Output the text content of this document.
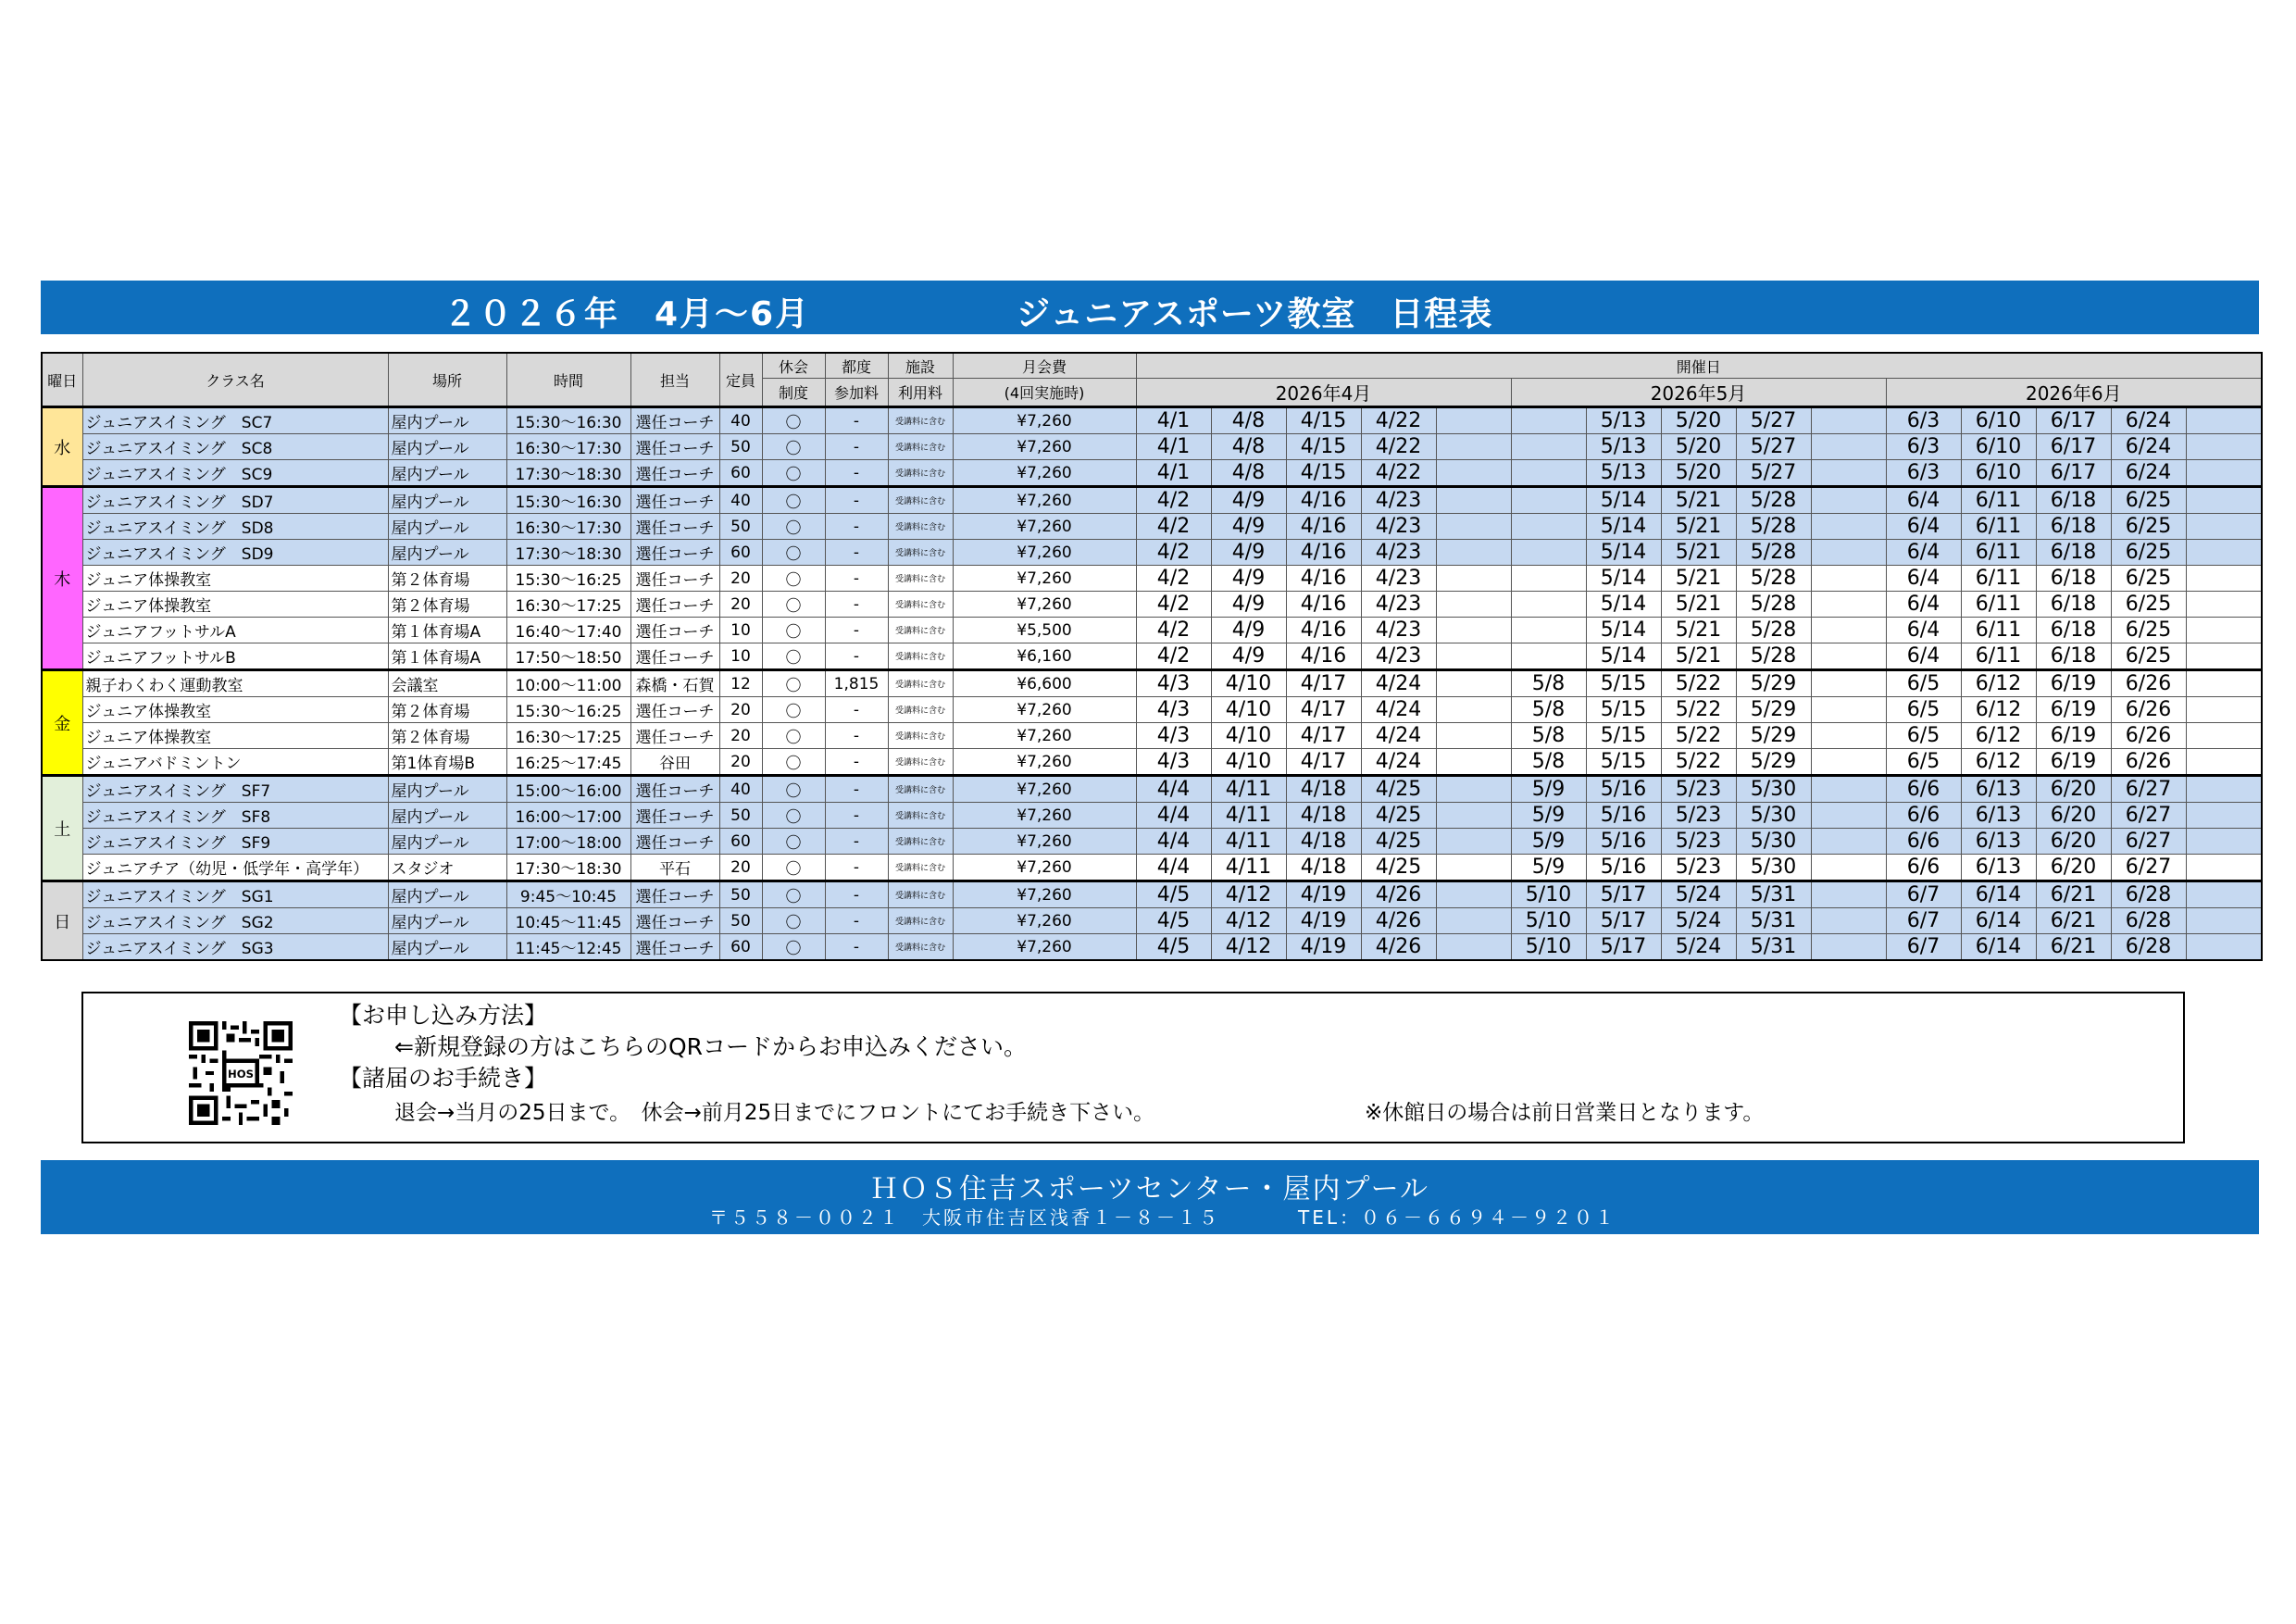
２０２６年　4月～6月	ジュニアスポーツ教室　日程表
曜日	クラス名	場所	時間	担当	定員	休会	都度	施設	月会費	開催日														
						制度	参加料	利用料	(4回実施時)	2026年4月					2026年5月					2026年6月				
水	ジュニアスイミング　SC7	屋内プール	15:30～16:30	選任コーチ	40	〇	-	受講料に含む	¥7,260	4/1	4/8	4/15	4/22			5/13	5/20	5/27		6/3	6/10	6/17	6/24	
	ジュニアスイミング　SC8	屋内プール	16:30～17:30	選任コーチ	50	〇	-	受講料に含む	¥7,260	4/1	4/8	4/15	4/22			5/13	5/20	5/27		6/3	6/10	6/17	6/24	
	ジュニアスイミング　SC9	屋内プール	17:30～18:30	選任コーチ	60	〇	-	受講料に含む	¥7,260	4/1	4/8	4/15	4/22			5/13	5/20	5/27		6/3	6/10	6/17	6/24	
木	ジュニアスイミング　SD7	屋内プール	15:30～16:30	選任コーチ	40	〇	-	受講料に含む	¥7,260	4/2	4/9	4/16	4/23			5/14	5/21	5/28		6/4	6/11	6/18	6/25	
	ジュニアスイミング　SD8	屋内プール	16:30～17:30	選任コーチ	50	〇	-	受講料に含む	¥7,260	4/2	4/9	4/16	4/23			5/14	5/21	5/28		6/4	6/11	6/18	6/25	
	ジュニアスイミング　SD9	屋内プール	17:30～18:30	選任コーチ	60	〇	-	受講料に含む	¥7,260	4/2	4/9	4/16	4/23			5/14	5/21	5/28		6/4	6/11	6/18	6/25	
	ジュニア体操教室	第２体育場	15:30～16:25	選任コーチ	20	〇	-	受講料に含む	¥7,260	4/2	4/9	4/16	4/23			5/14	5/21	5/28		6/4	6/11	6/18	6/25	
	ジュニア体操教室	第２体育場	16:30～17:25	選任コーチ	20	〇	-	受講料に含む	¥7,260	4/2	4/9	4/16	4/23			5/14	5/21	5/28		6/4	6/11	6/18	6/25	
	ジュニアフットサルA	第１体育場A	16:40～17:40	選任コーチ	10	〇	-	受講料に含む	¥5,500	4/2	4/9	4/16	4/23			5/14	5/21	5/28		6/4	6/11	6/18	6/25	
	ジュニアフットサルB	第１体育場A	17:50～18:50	選任コーチ	10	〇	-	受講料に含む	¥6,160	4/2	4/9	4/16	4/23			5/14	5/21	5/28		6/4	6/11	6/18	6/25	
金	親子わくわく運動教室	会議室	10:00～11:00	森橋・石賀	12	〇	1,815	受講料に含む	¥6,600	4/3	4/10	4/17	4/24		5/8	5/15	5/22	5/29		6/5	6/12	6/19	6/26	
	ジュニア体操教室	第２体育場	15:30～16:25	選任コーチ	20	〇	-	受講料に含む	¥7,260	4/3	4/10	4/17	4/24		5/8	5/15	5/22	5/29		6/5	6/12	6/19	6/26	
	ジュニア体操教室	第２体育場	16:30～17:25	選任コーチ	20	〇	-	受講料に含む	¥7,260	4/3	4/10	4/17	4/24		5/8	5/15	5/22	5/29		6/5	6/12	6/19	6/26	
	ジュニアバドミントン	第1体育場B	16:25～17:45	谷田	20	〇	-	受講料に含む	¥7,260	4/3	4/10	4/17	4/24		5/8	5/15	5/22	5/29		6/5	6/12	6/19	6/26	
土	ジュニアスイミング　SF7	屋内プール	15:00～16:00	選任コーチ	40	〇	-	受講料に含む	¥7,260	4/4	4/11	4/18	4/25		5/9	5/16	5/23	5/30		6/6	6/13	6/20	6/27	
	ジュニアスイミング　SF8	屋内プール	16:00～17:00	選任コーチ	50	〇	-	受講料に含む	¥7,260	4/4	4/11	4/18	4/25		5/9	5/16	5/23	5/30		6/6	6/13	6/20	6/27	
	ジュニアスイミング　SF9	屋内プール	17:00～18:00	選任コーチ	60	〇	-	受講料に含む	¥7,260	4/4	4/11	4/18	4/25		5/9	5/16	5/23	5/30		6/6	6/13	6/20	6/27	
	ジュニアチア（幼児・低学年・高学年）	スタジオ	17:30～18:30	平石	20	〇	-	受講料に含む	¥7,260	4/4	4/11	4/18	4/25		5/9	5/16	5/23	5/30		6/6	6/13	6/20	6/27	
日	ジュニアスイミング　SG1	屋内プール	9:45～10:45	選任コーチ	50	〇	-	受講料に含む	¥7,260	4/5	4/12	4/19	4/26		5/10	5/17	5/24	5/31		6/7	6/14	6/21	6/28	
	ジュニアスイミング　SG2	屋内プール	10:45～11:45	選任コーチ	50	〇	-	受講料に含む	¥7,260	4/5	4/12	4/19	4/26		5/10	5/17	5/24	5/31		6/7	6/14	6/21	6/28	
	ジュニアスイミング　SG3	屋内プール	11:45～12:45	選任コーチ	60	〇	-	受講料に含む	¥7,260	4/5	4/12	4/19	4/26		5/10	5/17	5/24	5/31		6/7	6/14	6/21	6/28	
HOS
【お申し込み方法】
⇐新規登録の方はこちらのQRコードからお申込みください。
【諸届のお手続き】
退会→当月の25日まで。　休会→前月25日までにフロントにてお手続き下さい。	※休館日の場合は前日営業日となります。
ＨＯＳ住吉スポーツセンター・屋内プール
〒５５８－００２１　大阪市住吉区浅香１－８－１５	TEL：０６－６６９４－９２０１
